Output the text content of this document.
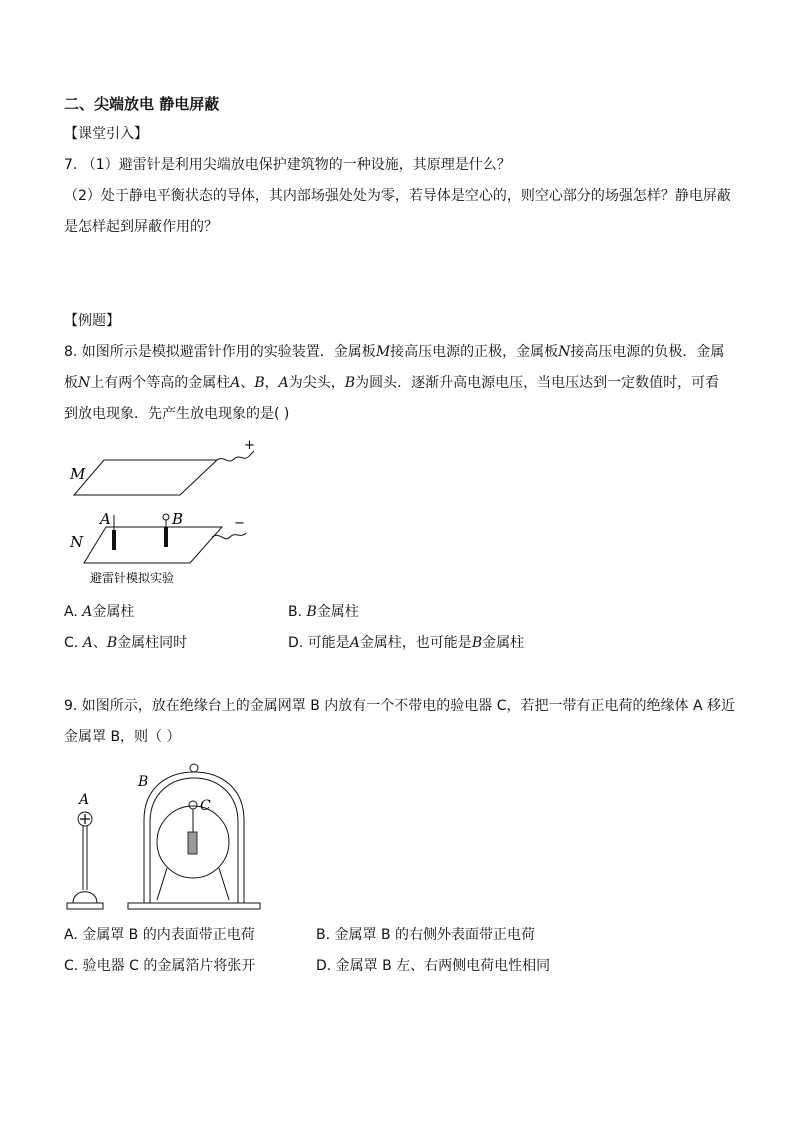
二、尖端放电 静电屏蔽
【课堂引入】
7. （1）避雷针是利用尖端放电保护建筑物的一种设施，其原理是什么？
（2）处于静电平衡状态的导体，其内部场强处处为零，若导体是空心的，则空心部分的场强怎样？静电屏蔽
是怎样起到屏蔽作用的？
【例题】
8. 如图所示是模拟避雷针作用的实验装置．金属板M接高压电源的正极，金属板N接高压电源的负极．金属
板N上有两个等高的金属柱A、B，A为尖头，B为圆头．逐渐升高电源电压，当电压达到一定数值时，可看
到放电现象．先产生放电现象的是( )
+
M
−
N
A	B
避雷针模拟实验
A. A金属柱	B. B金属柱
C. A、B金属柱同时	D. 可能是A金属柱，也可能是B金属柱
9. 如图所示，放在绝缘台上的金属网罩 B 内放有一个不带电的验电器 C，若把一带有正电荷的绝缘体 A 移近
金属罩 B，则（ ）
A
B
C
A. 金属罩 B 的内表面带正电荷	B. 金属罩 B 的右侧外表面带正电荷
C. 验电器 C 的金属箔片将张开	D. 金属罩 B 左、右两侧电荷电性相同
